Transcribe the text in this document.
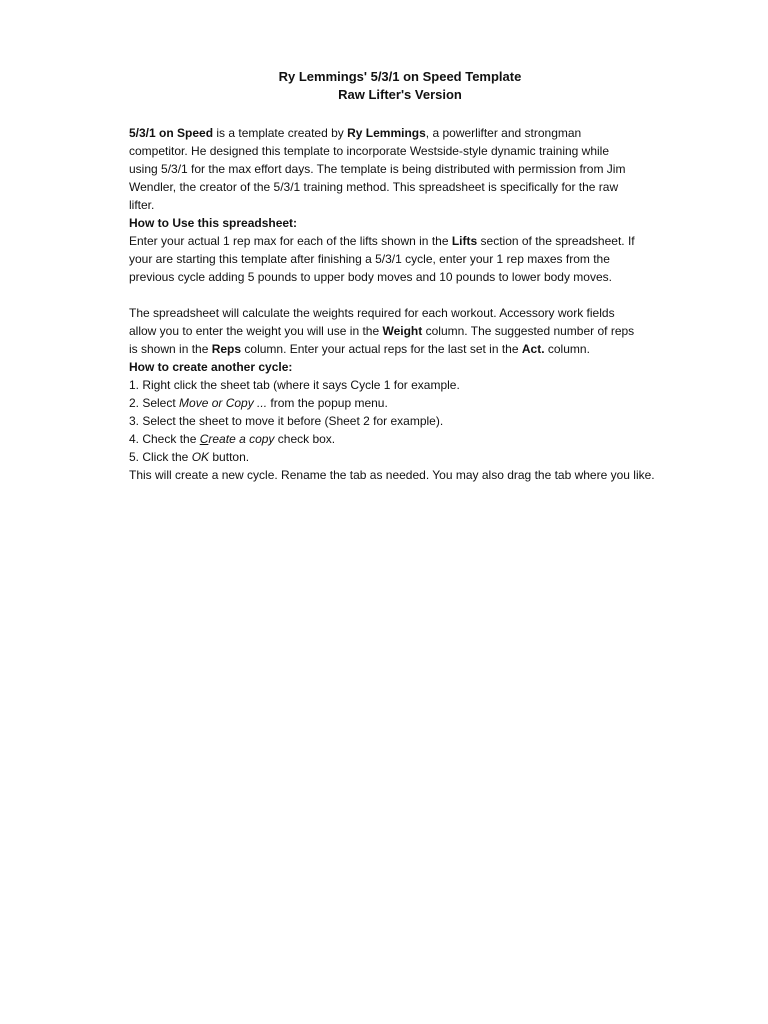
Ry Lemmings' 5/3/1 on Speed Template
Raw Lifter's Version
5/3/1 on Speed is a template created by Ry Lemmings, a powerlifter and strongman
competitor. He designed this template to incorporate Westside-style dynamic training while
using 5/3/1 for the max effort days. The template is being distributed with permission from Jim
Wendler, the creator of the 5/3/1 training method. This spreadsheet is specifically for the raw
lifter.
How to Use this spreadsheet:
Enter your actual 1 rep max for each of the lifts shown in the Lifts section of the spreadsheet. If
your are starting this template after finishing a 5/3/1 cycle, enter your 1 rep maxes from the
previous cycle adding 5 pounds to upper body moves and 10 pounds to lower body moves.
The spreadsheet will calculate the weights required for each workout. Accessory work fields
allow you to enter the weight you will use in the Weight column. The suggested number of reps
is shown in the Reps column. Enter your actual reps for the last set in the Act. column.
How to create another cycle:
1. Right click the sheet tab (where it says Cycle 1 for example.
2. Select Move or Copy ... from the popup menu.
3. Select the sheet to move it before (Sheet 2 for example).
4. Check the Create a copy check box.
5. Click the OK button.
This will create a new cycle. Rename the tab as needed. You may also drag the tab where you like.
